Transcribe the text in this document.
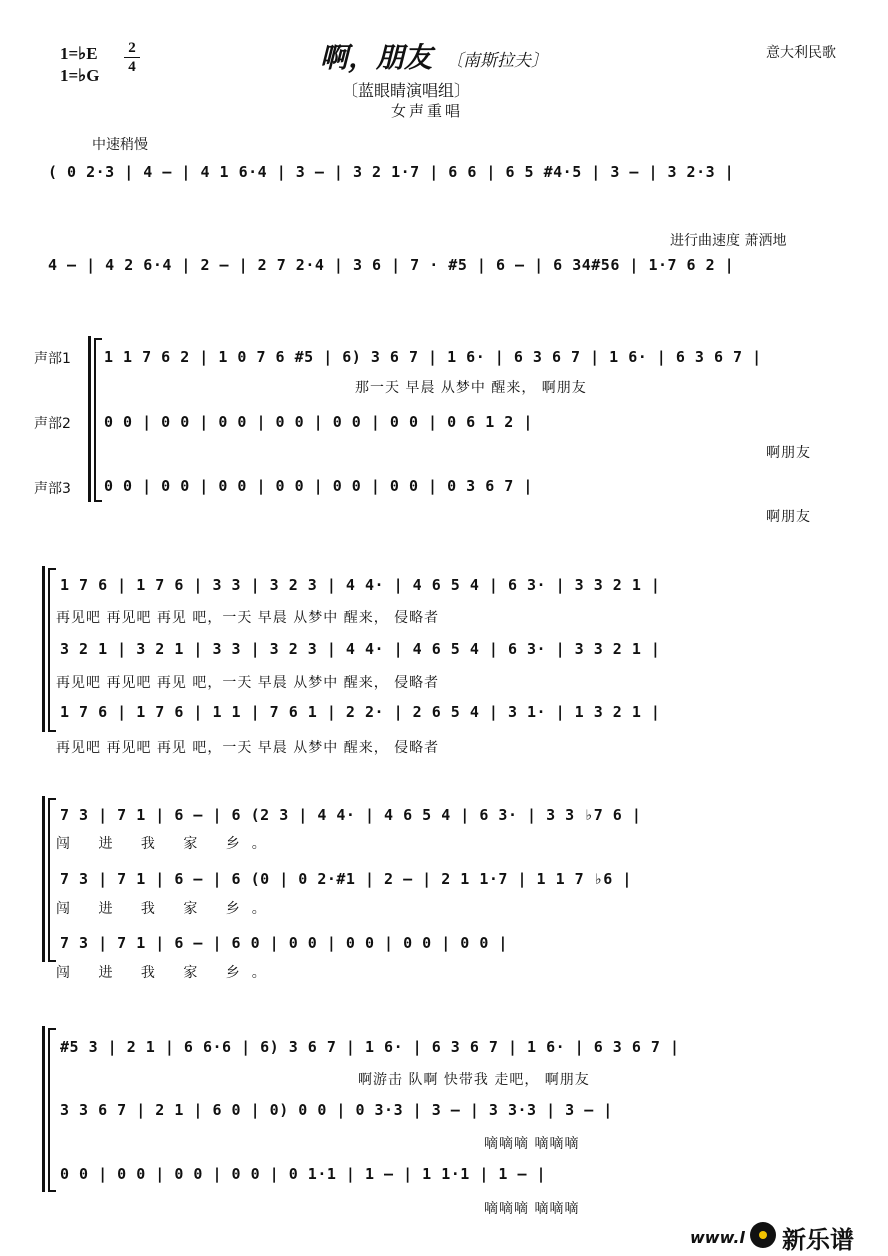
1=♭E
1=♭G
2
4	啊，朋友 〔南斯拉夫〕
〔蓝眼睛演唱组〕
女声重唱
意大利民歌
中速稍慢
( 0 2·3 | 4 – | 4 1 6·4 | 3 – | 3 2 1·7 | 6 6 | 6 5 #4·5 | 3 – | 3 2·3 |
进行曲速度 萧洒地
4 – | 4 2 6·4 | 2 – | 2 7 2·4 | 3 6 | 7 · #5 | 6 – | 6 34#56 | 1·7 6 2 |
声部1
声部2
声部3
1 1 7 6 2 | 1 0 7 6 #5 | 6) 3 6 7 | 1 6· | 6 3 6 7 | 1 6· | 6 3 6 7 |
那一天 早晨 从梦中 醒来， 啊朋友
0 0 | 0 0 | 0 0 | 0 0 | 0 0 | 0 0 | 0 6 1 2 |
啊朋友
0 0 | 0 0 | 0 0 | 0 0 | 0 0 | 0 0 | 0 3 6 7 |
啊朋友
1 7 6 | 1 7 6 | 3 3 | 3 2 3 | 4 4· | 4 6 5 4 | 6 3· | 3 3 2 1 |
再见吧 再见吧 再见 吧，一天 早晨 从梦中 醒来， 侵略者
3 2 1 | 3 2 1 | 3 3 | 3 2 3 | 4 4· | 4 6 5 4 | 6 3· | 3 3 2 1 |
再见吧 再见吧 再见 吧，一天 早晨 从梦中 醒来， 侵略者
1 7 6 | 1 7 6 | 1 1 | 7 6 1 | 2 2· | 2 6 5 4 | 3 1· | 1 3 2 1 |
再见吧 再见吧 再见 吧，一天 早晨 从梦中 醒来， 侵略者
7 3 | 7 1 | 6 – | 6 (2 3 | 4 4· | 4 6 5 4 | 6 3· | 3 3 ♭7 6 |
闯 进 我 家 乡。
7 3 | 7 1 | 6 – | 6 (0 | 0 2·#1 | 2 – | 2 1 1·7 | 1 1 7 ♭6 |
闯 进 我 家 乡。
7 3 | 7 1 | 6 – | 6 0 | 0 0 | 0 0 | 0 0 | 0 0 |
闯 进 我 家 乡。
#5 3 | 2 1 | 6 6·6 | 6) 3 6 7 | 1 6· | 6 3 6 7 | 1 6· | 6 3 6 7 |
啊游击 队啊 快带我 走吧， 啊朋友
3 3 6 7 | 2 1 | 6 0 | 0) 0 0 | 0 3·3 | 3 – | 3 3·3 | 3 – |
嘀嘀嘀 嘀嘀嘀
0 0 | 0 0 | 0 0 | 0 0 | 0 1·1 | 1 – | 1 1·1 | 1 – |
嘀嘀嘀 嘀嘀嘀
www.l 新乐谱
